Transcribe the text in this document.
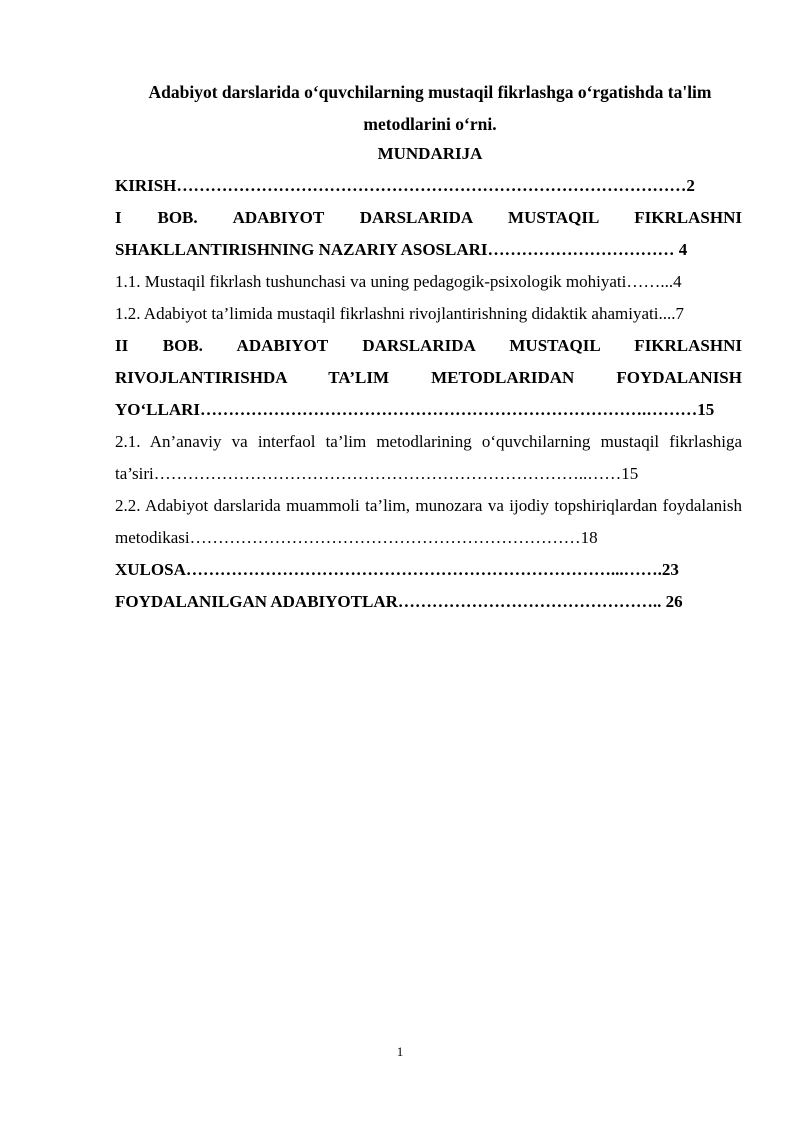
Adabiyot darslarida o‘quvchilarning mustaqil fikrlashga o‘rgatishda ta'lim metodlarini o‘rni.
MUNDARIJA

KIRISH………………………………………………………………………………2

I BOB. ADABIYOT DARSLARIDA MUSTAQIL FIKRLASHNI SHAKLLANTIRISHNING NAZARIY ASOSLARI…………………………… 4

1.1. Mustaqil fikrlash tushunchasi va uning pedagogik-psixologik mohiyati……...4

1.2. Adabiyot ta’limida mustaqil fikrlashni rivojlantirishning didaktik ahamiyati....7

II BOB. ADABIYOT DARSLARIDA MUSTAQIL FIKRLASHNI RIVOJLANTIRISHDA TA’LIM METODLARIDAN FOYDALANISH YO‘LLARI…………………………………………………………………….………15

2.1. An’anaviy va interfaol ta’lim metodlarining o‘quvchilarning mustaqil fikrlashiga ta’siri…………………………………………………………………..……15

2.2. Adabiyot darslarida muammoli ta’lim, munozara va ijodiy topshiriqlardan foydalanish metodikasi……………………………………………………………18

XULOSA…………………………………………………………………...…….23

FOYDALANILGAN ADABIYOTLAR……………………………………….. 26

1
